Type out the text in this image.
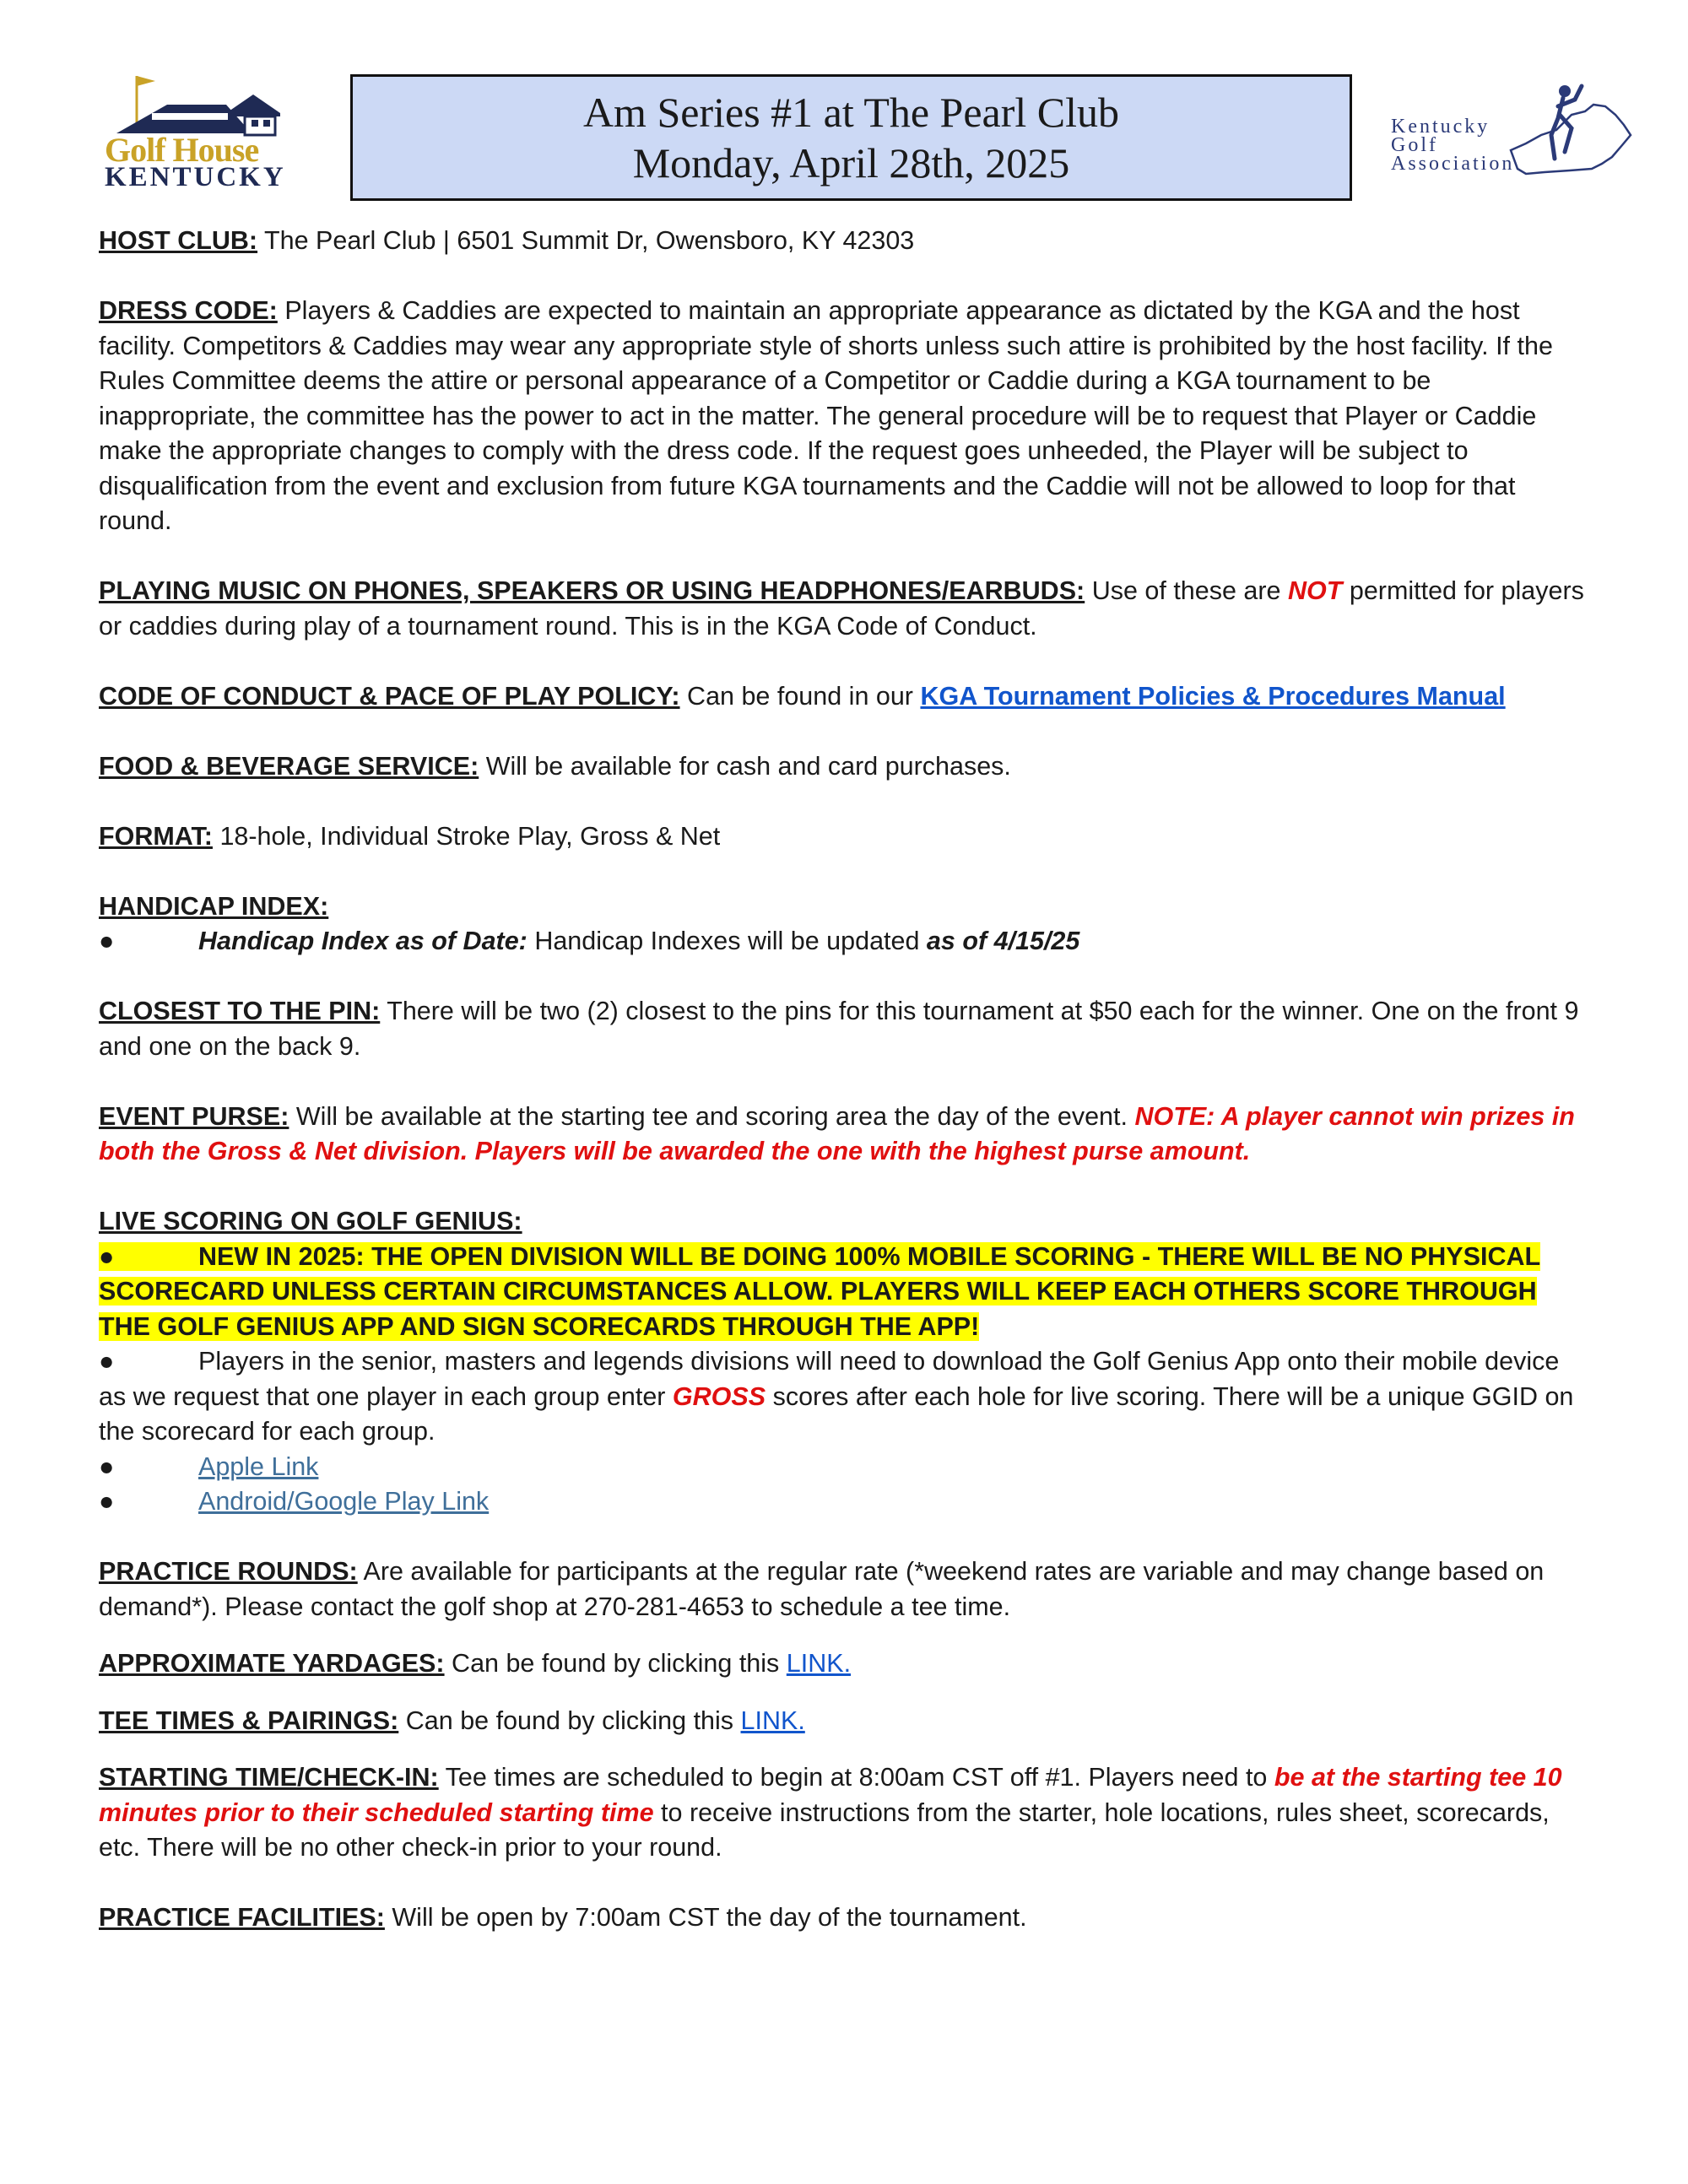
Golf House
KENTUCKY
Am Series #1 at The Pearl Club
Monday, April 28th, 2025
Kentucky
Golf
Association
HOST CLUB: The Pearl Club | 6501 Summit Dr, Owensboro, KY 42303
DRESS CODE: Players & Caddies are expected to maintain an appropriate appearance as dictated by the KGA and the host facility. Competitors & Caddies may wear any appropriate style of shorts unless such attire is prohibited by the host facility. If the Rules Committee deems the attire or personal appearance of a Competitor or Caddie during a KGA tournament to be inappropriate, the committee has the power to act in the matter. The general procedure will be to request that Player or Caddie make the appropriate changes to comply with the dress code. If the request goes unheeded, the Player will be subject to disqualification from the event and exclusion from future KGA tournaments and the Caddie will not be allowed to loop for that round.
PLAYING MUSIC ON PHONES, SPEAKERS OR USING HEADPHONES/EARBUDS: Use of these are NOT permitted for players or caddies during play of a tournament round. This is in the KGA Code of Conduct.
CODE OF CONDUCT & PACE OF PLAY POLICY: Can be found in our KGA Tournament Policies & Procedures Manual
FOOD & BEVERAGE SERVICE: Will be available for cash and card purchases.
FORMAT: 18-hole, Individual Stroke Play, Gross & Net
HANDICAP INDEX:
●	Handicap Index as of Date: Handicap Indexes will be updated as of 4/15/25
CLOSEST TO THE PIN: There will be two (2) closest to the pins for this tournament at $50 each for the winner. One on the front 9 and one on the back 9.
EVENT PURSE: Will be available at the starting tee and scoring area the day of the event. NOTE: A player cannot win prizes in both the Gross & Net division. Players will be awarded the one with the highest purse amount.
LIVE SCORING ON GOLF GENIUS:
●	NEW IN 2025: THE OPEN DIVISION WILL BE DOING 100% MOBILE SCORING - THERE WILL BE NO PHYSICAL SCORECARD UNLESS CERTAIN CIRCUMSTANCES ALLOW. PLAYERS WILL KEEP EACH OTHERS SCORE THROUGH THE GOLF GENIUS APP AND SIGN SCORECARDS THROUGH THE APP!
●	Players in the senior, masters and legends divisions will need to download the Golf Genius App onto their mobile device as we request that one player in each group enter GROSS scores after each hole for live scoring. There will be a unique GGID on the scorecard for each group.
●	Apple Link
●	Android/Google Play Link
PRACTICE ROUNDS: Are available for participants at the regular rate (*weekend rates are variable and may change based on demand*). Please contact the golf shop at 270-281-4653 to schedule a tee time.
APPROXIMATE YARDAGES: Can be found by clicking this LINK.
TEE TIMES & PAIRINGS: Can be found by clicking this LINK.
STARTING TIME/CHECK-IN: Tee times are scheduled to begin at 8:00am CST off #1. Players need to be at the starting tee 10 minutes prior to their scheduled starting time to receive instructions from the starter, hole locations, rules sheet, scorecards, etc. There will be no other check-in prior to your round.
PRACTICE FACILITIES: Will be open by 7:00am CST the day of the tournament.
